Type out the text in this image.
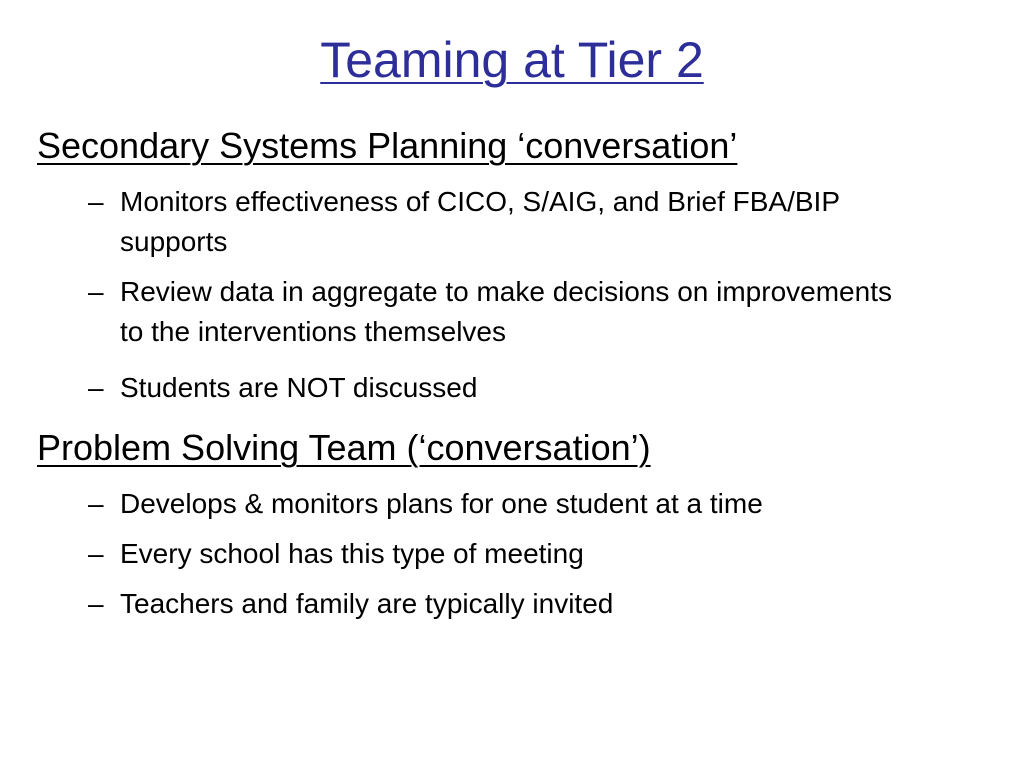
Teaming at Tier 2
Secondary Systems Planning ‘conversation’
– Monitors effectiveness of CICO, S/AIG, and Brief FBA/BIP supports
– Review data in aggregate to make decisions on improvements to the interventions themselves
– Students are NOT discussed
Problem Solving Team (‘conversation’)
– Develops & monitors plans for one student at a time
– Every school has this type of meeting
– Teachers and family are typically invited
